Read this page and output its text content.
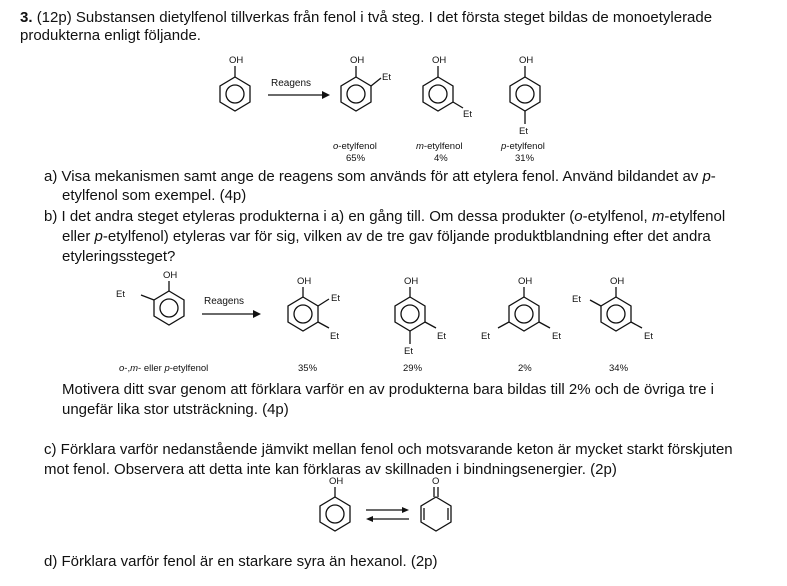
3. (12p) Substansen dietylfenol tillverkas från fenol i två steg. I det första steget bildas de monoetylerade
produkterna enligt följande.
OH
Reagens
OH
Et
OH
Et
OH
Et
o-etylfenol
65%
m-etylfenol
4%
p-etylfenol
31%
OH
Et
Reagens
OH
Et
Et
OH
Et
Et
OH
Et	Et
OH
Et
Et
o-,m- eller p-etylfenol	35%	29%	2%	34%
OH	O
a) Visa mekanismen samt ange de reagens som används för att etylera fenol. Använd bildandet av p-
etylfenol som exempel. (4p)
b) I det andra steget etyleras produkterna i a) en gång till. Om dessa produkter (o-etylfenol, m-etylfenol
eller p-etylfenol) etyleras var för sig, vilken av de tre gav följande produktblandning efter det andra
etyleringssteget?
Motivera ditt svar genom att förklara varför en av produkterna bara bildas till 2% och de övriga tre i
ungefär lika stor utsträckning. (4p)
c) Förklara varför nedanstående jämvikt mellan fenol och motsvarande keton är mycket starkt förskjuten
mot fenol. Observera att detta inte kan förklaras av skillnaden i bindningsenergier. (2p)
d) Förklara varför fenol är en starkare syra än hexanol. (2p)
